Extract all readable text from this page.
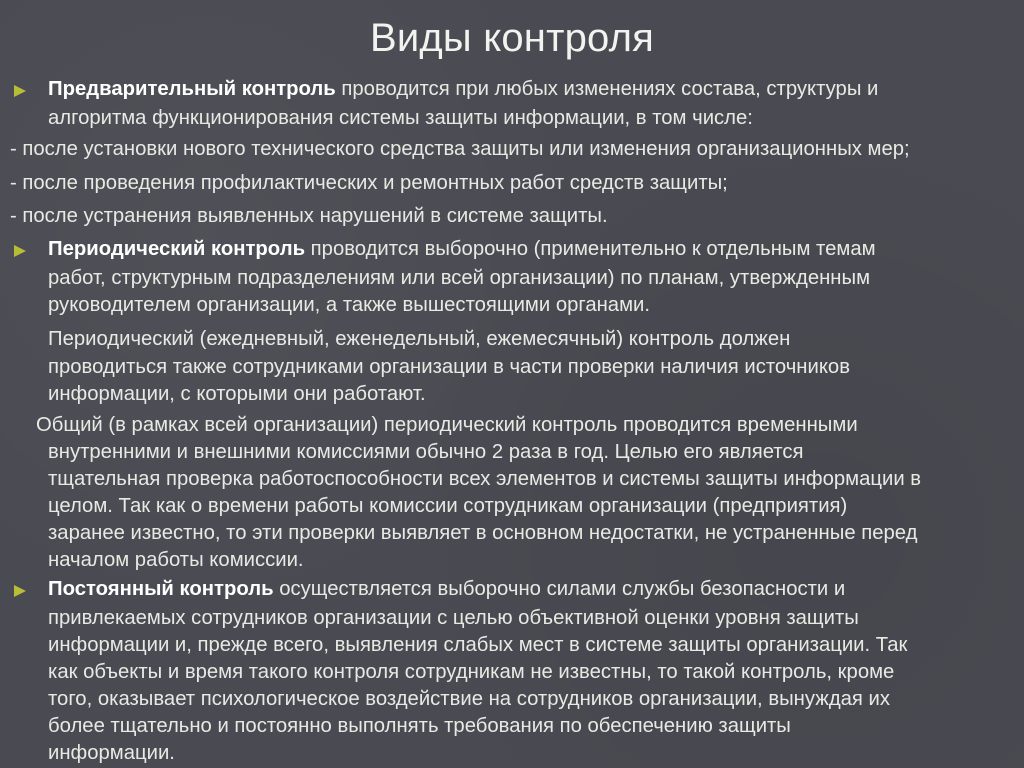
Виды контроля
Предварительный контроль проводится при любых изменениях состава, структуры и
алгоритма функционирования системы защиты информации, в том числе:
- после установки нового технического средства защиты или изменения организационных мер;
- после проведения профилактических и ремонтных работ средств защиты;
- после устранения выявленных нарушений в системе защиты.
Периодический контроль проводится выборочно (применительно к отдельным темам
работ, структурным подразделениям или всей организации) по планам, утвержденным
руководителем организации, а также вышестоящими органами.
Периодический (ежедневный, еженедельный, ежемесячный) контроль должен
проводиться также сотрудниками организации в части проверки наличия источников
информации, с которыми они работают.
Общий (в рамках всей организации) периодический контроль проводится временными
внутренними и внешними комиссиями обычно 2 раза в год. Целью его является
тщательная проверка работоспособности всех элементов и системы защиты информации в
целом. Так как о времени работы комиссии сотрудникам организации (предприятия)
заранее известно, то эти проверки выявляет в основном недостатки, не устраненные перед
началом работы комиссии.
Постоянный контроль осуществляется выборочно силами службы безопасности и
привлекаемых сотрудников организации с целью объективной оценки уровня защиты
информации и, прежде всего, выявления слабых мест в системе защиты организации. Так
как объекты и время такого контроля сотрудникам не известны, то такой контроль, кроме
того, оказывает психологическое воздействие на сотрудников организации, вынуждая их
более тщательно и постоянно выполнять требования по обеспечению защиты
информации.
